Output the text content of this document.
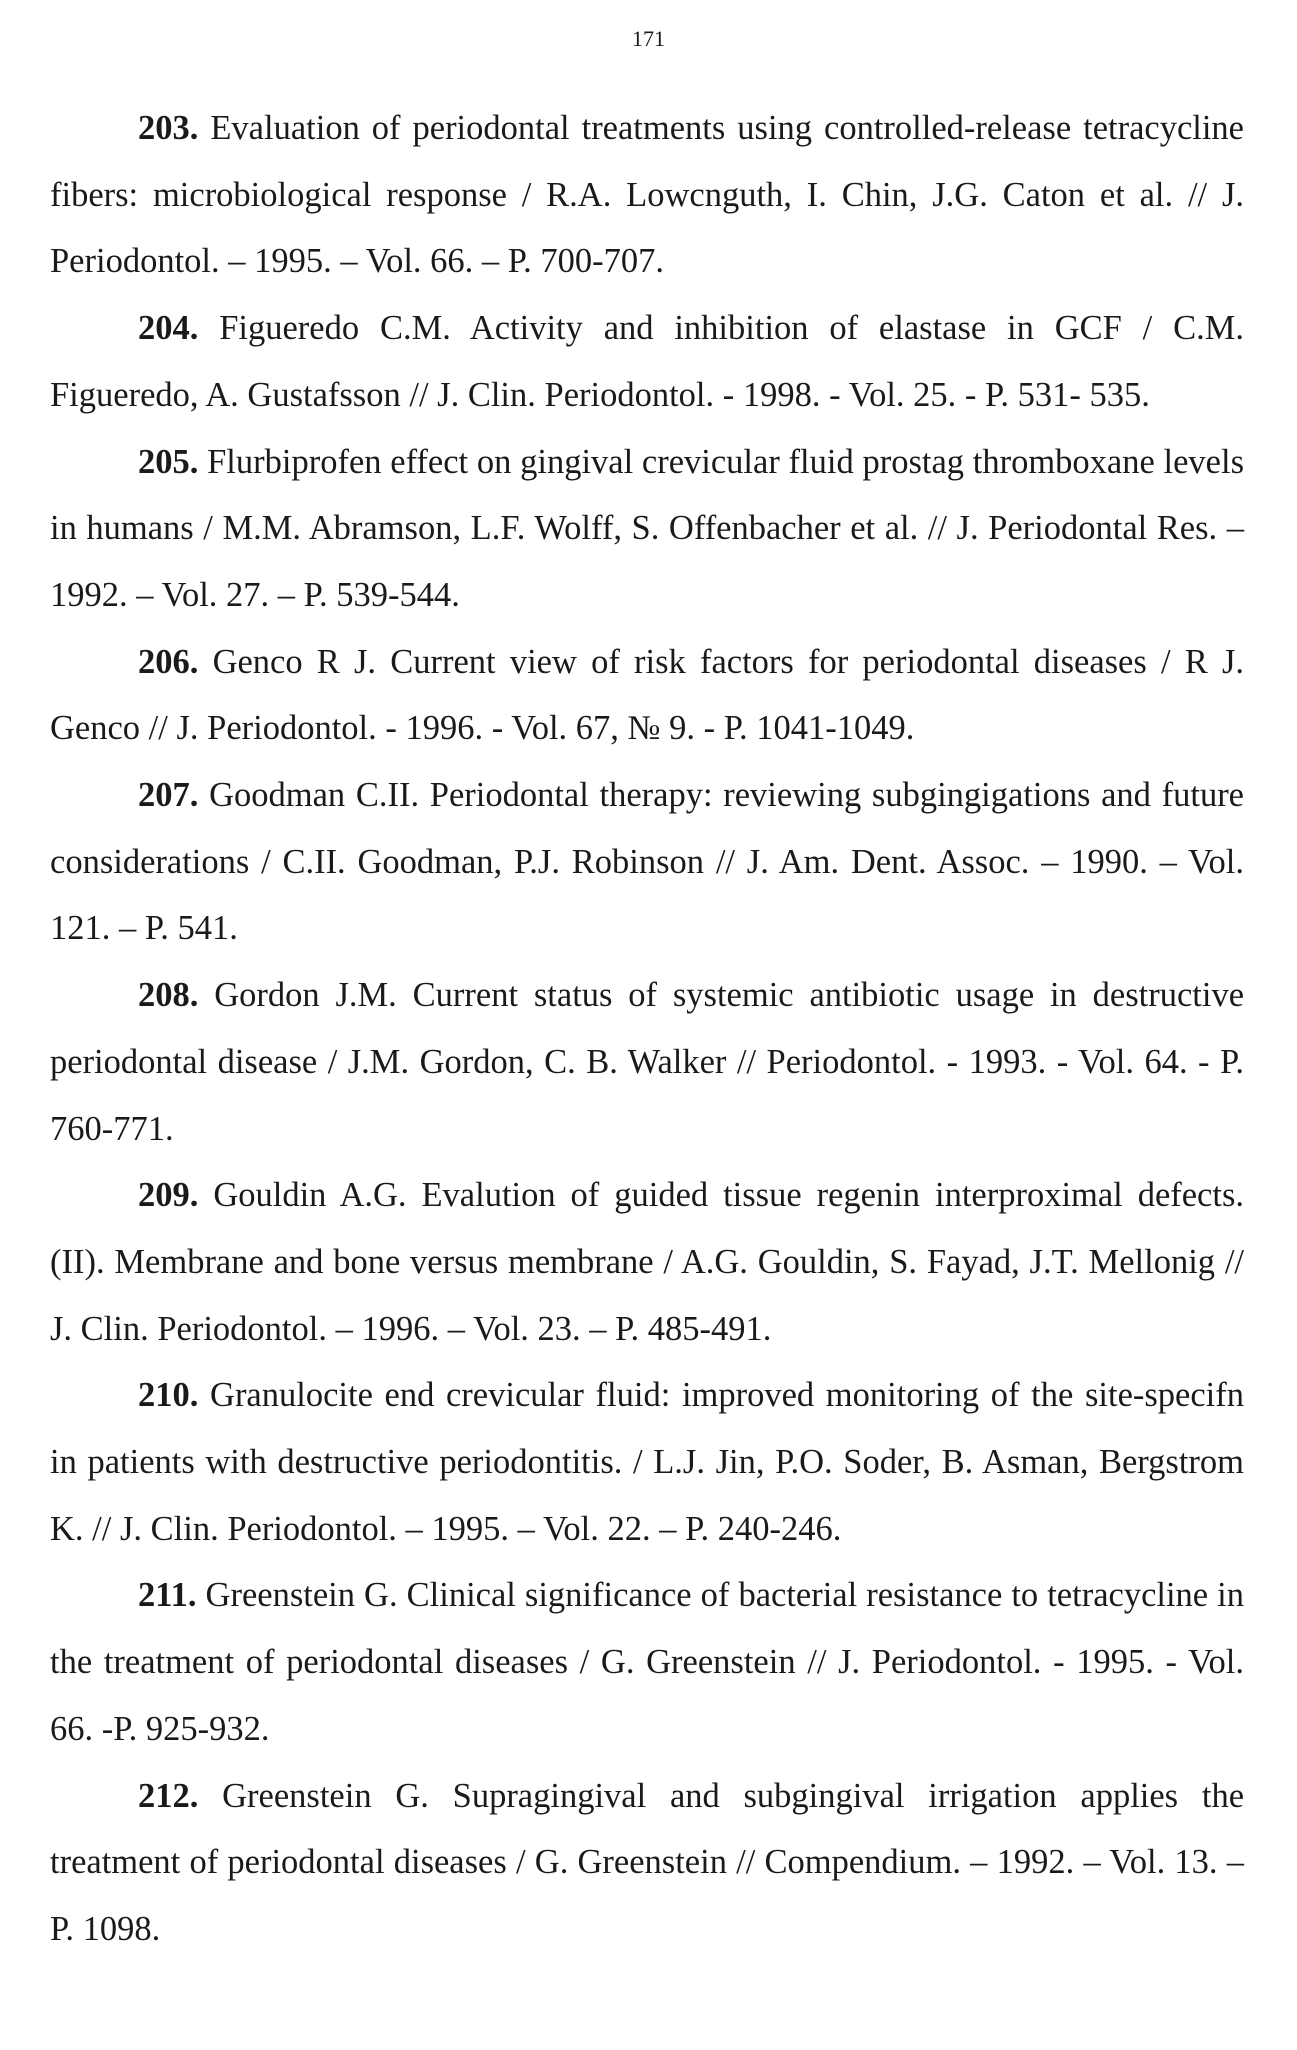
171
203. Evaluation of periodontal treatments using controlled-release tetracycline fibers: microbiological response / R.A. Lowcnguth, I. Chin, J.G. Caton et al. // J. Periodontol. – 1995. – Vol. 66. – P. 700-707.
204. Figueredo C.M. Activity and inhibition of elastase in GCF / C.M. Figueredo, A. Gustafsson // J. Clin. Periodontol. - 1998. - Vol. 25. - P. 531- 535.
205. Flurbiprofen effect on gingival crevicular fluid prostag thromboxane levels in humans / M.M. Abramson, L.F. Wolff, S. Offenbacher et al. // J. Periodontal Res. – 1992. – Vol. 27. – P. 539-544.
206. Genco R J. Current view of risk factors for periodontal diseases / R J. Genco // J. Periodontol. - 1996. - Vol. 67, № 9. - P. 1041-1049.
207. Goodman C.II. Periodontal therapy: reviewing subgingigations and future considerations / C.II. Goodman, P.J. Robinson // J. Am. Dent. Assoc. – 1990. – Vol. 121. – P. 541.
208. Gordon J.M. Current status of systemic antibiotic usage in destructive periodontal disease / J.M. Gordon, C. B. Walker // Periodontol. - 1993. - Vol. 64. - P. 760-771.
209. Gouldin A.G. Evalution of guided tissue regenin interproximal defects. (II). Membrane and bone versus membrane / A.G. Gouldin, S. Fayad, J.T. Mellonig // J. Clin. Periodontol. – 1996. – Vol. 23. – P. 485-491.
210. Granulocite end crevicular fluid: improved monitoring of the site-specifn in patients with destructive periodontitis. / L.J. Jin, P.O. Soder, B. Asman, Bergstrom K. // J. Clin. Periodontol. – 1995. – Vol. 22. – P. 240-246.
211. Greenstein G. Clinical significance of bacterial resistance to tetracycline in the treatment of periodontal diseases / G. Greenstein // J. Periodontol. - 1995. - Vol. 66. -P. 925-932.
212. Greenstein G. Supragingival and subgingival irrigation applies the treatment of periodontal diseases / G. Greenstein // Compendium. – 1992. – Vol. 13. – P. 1098.
